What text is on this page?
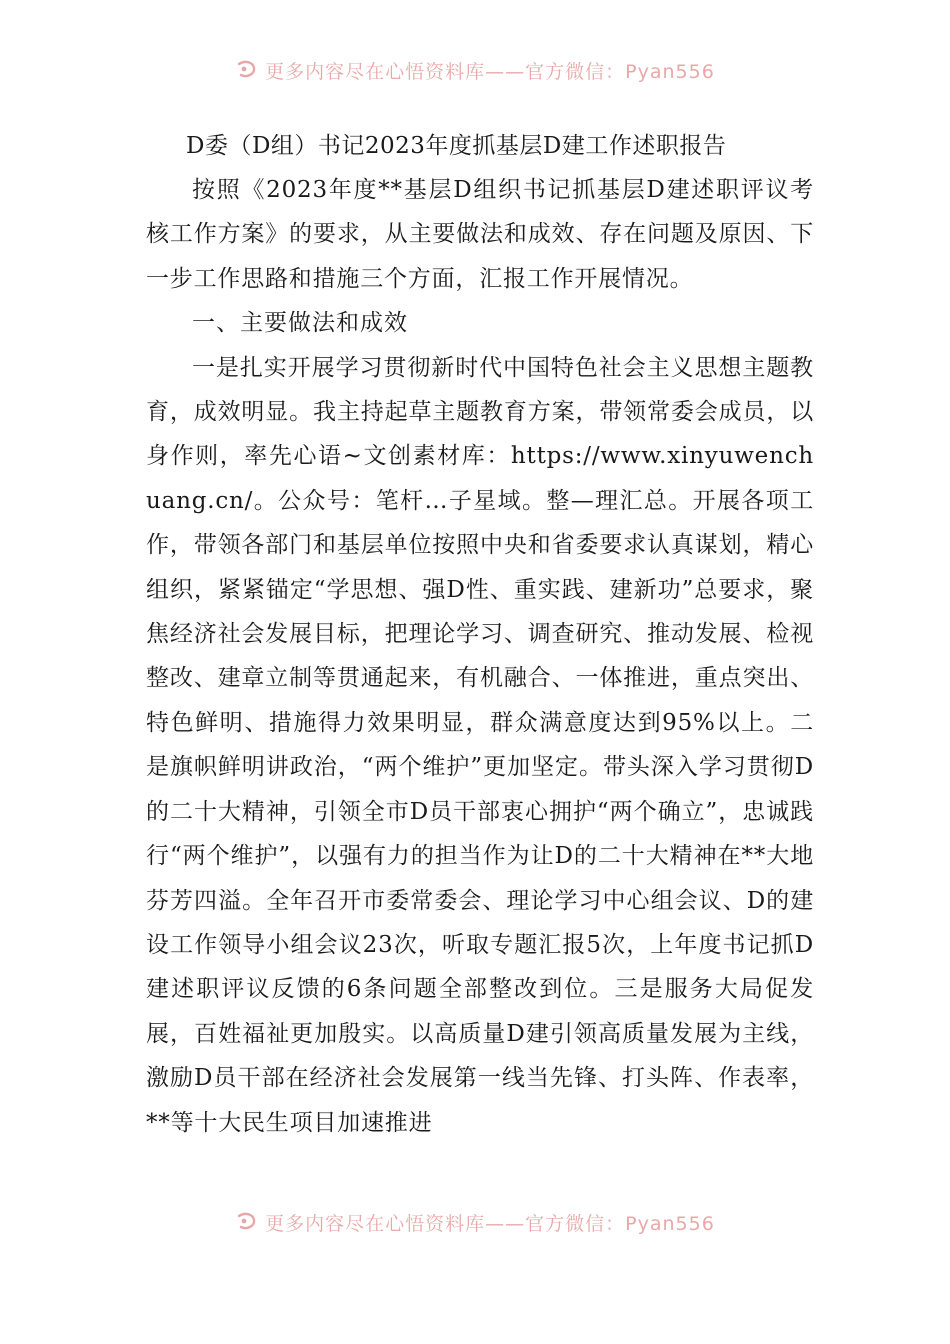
更多内容尽在心悟资料库——官方微信：Pyan556
D委（D组）书记2023年度抓基层D建工作述职报告

按照《2023年度**基层D组织书记抓基层D建述职评议考核工作方案》的要求，从主要做法和成效、存在问题及原因、下一步工作思路和措施三个方面，汇报工作开展情况。

一、主要做法和成效

一是扎实开展学习贯彻新时代中国特色社会主义思想主题教育，成效明显。我主持起草主题教育方案，带领常委会成员，以身作则，率先心语~文创素材库：https://www.xinyuwenchuang.cn/。公众号：笔杆…子星域。整—理汇总。开展各项工作，带领各部门和基层单位按照中央和省委要求认真谋划，精心组织，紧紧锚定“学思想、强D性、重实践、建新功”总要求，聚焦经济社会发展目标，把理论学习、调查研究、推动发展、检视整改、建章立制等贯通起来，有机融合、一体推进，重点突出、特色鲜明、措施得力效果明显，群众满意度达到95%以上。二是旗帜鲜明讲政治，“两个维护”更加坚定。带头深入学习贯彻D的二十大精神，引领全市D员干部衷心拥护“两个确立”，忠诚践行“两个维护”，以强有力的担当作为让D的二十大精神在**大地芬芳四溢。全年召开市委常委会、理论学习中心组会议、D的建设工作领导小组会议23次，听取专题汇报5次，上年度书记抓D建述职评议反馈的6条问题全部整改到位。三是服务大局促发展，百姓福祉更加殷实。以高质量D建引领高质量发展为主线，激励D员干部在经济社会发展第一线当先锋、打头阵、作表率，**等十大民生项目加速推进

更多内容尽在心悟资料库——官方微信：Pyan556
